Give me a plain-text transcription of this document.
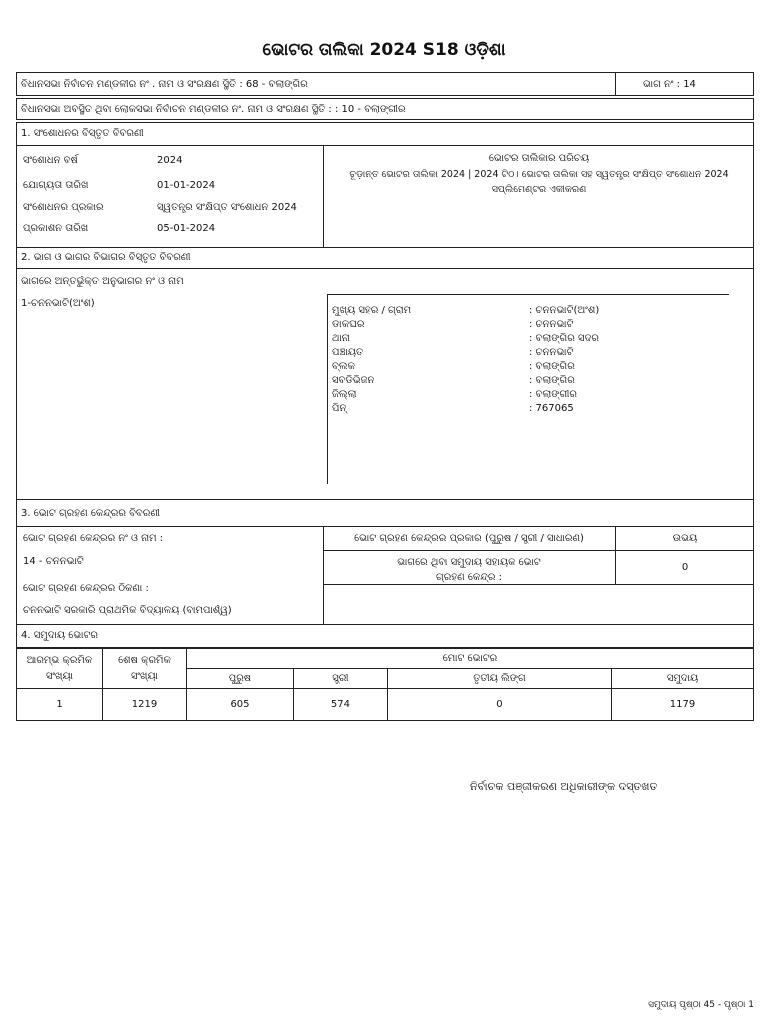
ଭୋଟର ତାଲିକା 2024 S18 ଓଡ଼ିଶା
ବିଧାନସଭା ନିର୍ବାଚନ ମଣ୍ଡଳୀର ନଂ . ନାମ ଓ ସଂରକ୍ଷଣ ସ୍ଥିତି : 68 - ବଲାଙ୍ଗିର	ଭାଗ ନଂ : 14
ବିଧାନସଭା ଅବସ୍ଥିତ ଥିବା ଲୋକସଭା ନିର୍ବାଚନ ମଣ୍ଡଳୀର ନଂ. ନାମ ଓ ସଂରକ୍ଷଣ ସ୍ଥିତି : : 10 - ବଲାଙ୍ଗୀର
1. ସଂଶୋଧନର ବିସ୍ତୃତ ବିବରଣୀ
ସଂଶୋଧନ ବର୍ଷ	2024
ଯୋଗ୍ୟତା ତାରିଖ	01-01-2024
ସଂଶୋଧନର ପ୍ରକାର	ସ୍ୱତନ୍ତ୍ର ସଂକ୍ଷିପ୍ତ ସଂଶୋଧନ 2024
ପ୍ରକାଶନ ତାରିଖ	05-01-2024
ଭୋଟର ତାଲିକାର ପରିଚୟ
ଚୂଡ଼ାନ୍ତ ଭୋଟର ତାଲିକା 2024 | 2024 ଟିଠ। ଭୋଟର ତାଲିକା ସହ ସ୍ୱତନ୍ତ୍ର ସଂକ୍ଷିପ୍ତ ସଂଶୋଧନ 2024
ସପ୍ଲିମେଣ୍ଟର ଏକୀକରଣ
2. ଭାଗ ଓ ଭାଗର ବିଭାଗର ବିସ୍ତୃତ ବିବରଣୀ
ଭାଗରେ ଅନ୍ତର୍ଭୁକ୍ତ ଅନୁଭାଗର ନଂ ଓ ନାମ
1-ଚନନଭାଟି(ଅଂଶ)
ମୁଖ୍ୟ ସହର / ଗ୍ରାମ	: ଚନନଭାଟି(ଅଂଶ)
ଡାକଘର	: ଚନନଭାଟି
ଥାନା	: ବଲାଙ୍ଗିର ସଦର
ପଞ୍ଚାୟତ	: ଚନନଭାଟି
ବ୍ଲକ	: ବଲାଙ୍ଗିର
ସବଡିଭିଜନ	: ବଲାଙ୍ଗିର
ଜିଲ୍ଲା	: ବଲାଙ୍ଗୀର
ପିନ୍	: 767065
3. ଭୋଟ ଗ୍ରହଣ କେନ୍ଦ୍ରର ବିବରଣୀ
ଭୋଟ ଗ୍ରହଣ କେନ୍ଦ୍ରର ନଂ ଓ ନାମ :
14 - ଚନନଭାଟି
ଭୋଟ ଗ୍ରହଣ କେନ୍ଦ୍ରର ଠିକଣା :
ଚନନଭାଟି ସରକାରି ପ୍ରାଥମିକ ବିଦ୍ୟାଳୟ (ବାମପାର୍ଶ୍ୱ)
ଭୋଟ ଗ୍ରହଣ କେନ୍ଦ୍ରର ପ୍ରକାର (ପୁରୁଷ / ସ୍ତ୍ରୀ / ସାଧାରଣ)	ଉଭୟ
ଭାଗରେ ଥିବା ସମୁଦାୟ ସହାୟକ ଭୋଟ
ଗ୍ରହଣ କେନ୍ଦ୍ର :
0
4. ସମୁଦାୟ ଭୋଟର
ଆରମ୍ଭ କ୍ରମିକ ସଂଖ୍ୟା	ଶେଷ କ୍ରମିକ ସଂଖ୍ୟା	ମୋଟ ଭୋଟର			
		ପୁରୁଷ	ସ୍ତ୍ରୀ	ତୃତୀୟ ଲିଙ୍ଗ	ସମୁଦାୟ
1	1219	605	574	0	1179
ନିର୍ବାଚକ ପଞ୍ଜୀକରଣ ଅଧିକାରୀଙ୍କ ଦସ୍ତଖତ
ସମୁଦାୟ ପୃଷ୍ଠା 45 - ପୃଷ୍ଠା 1
